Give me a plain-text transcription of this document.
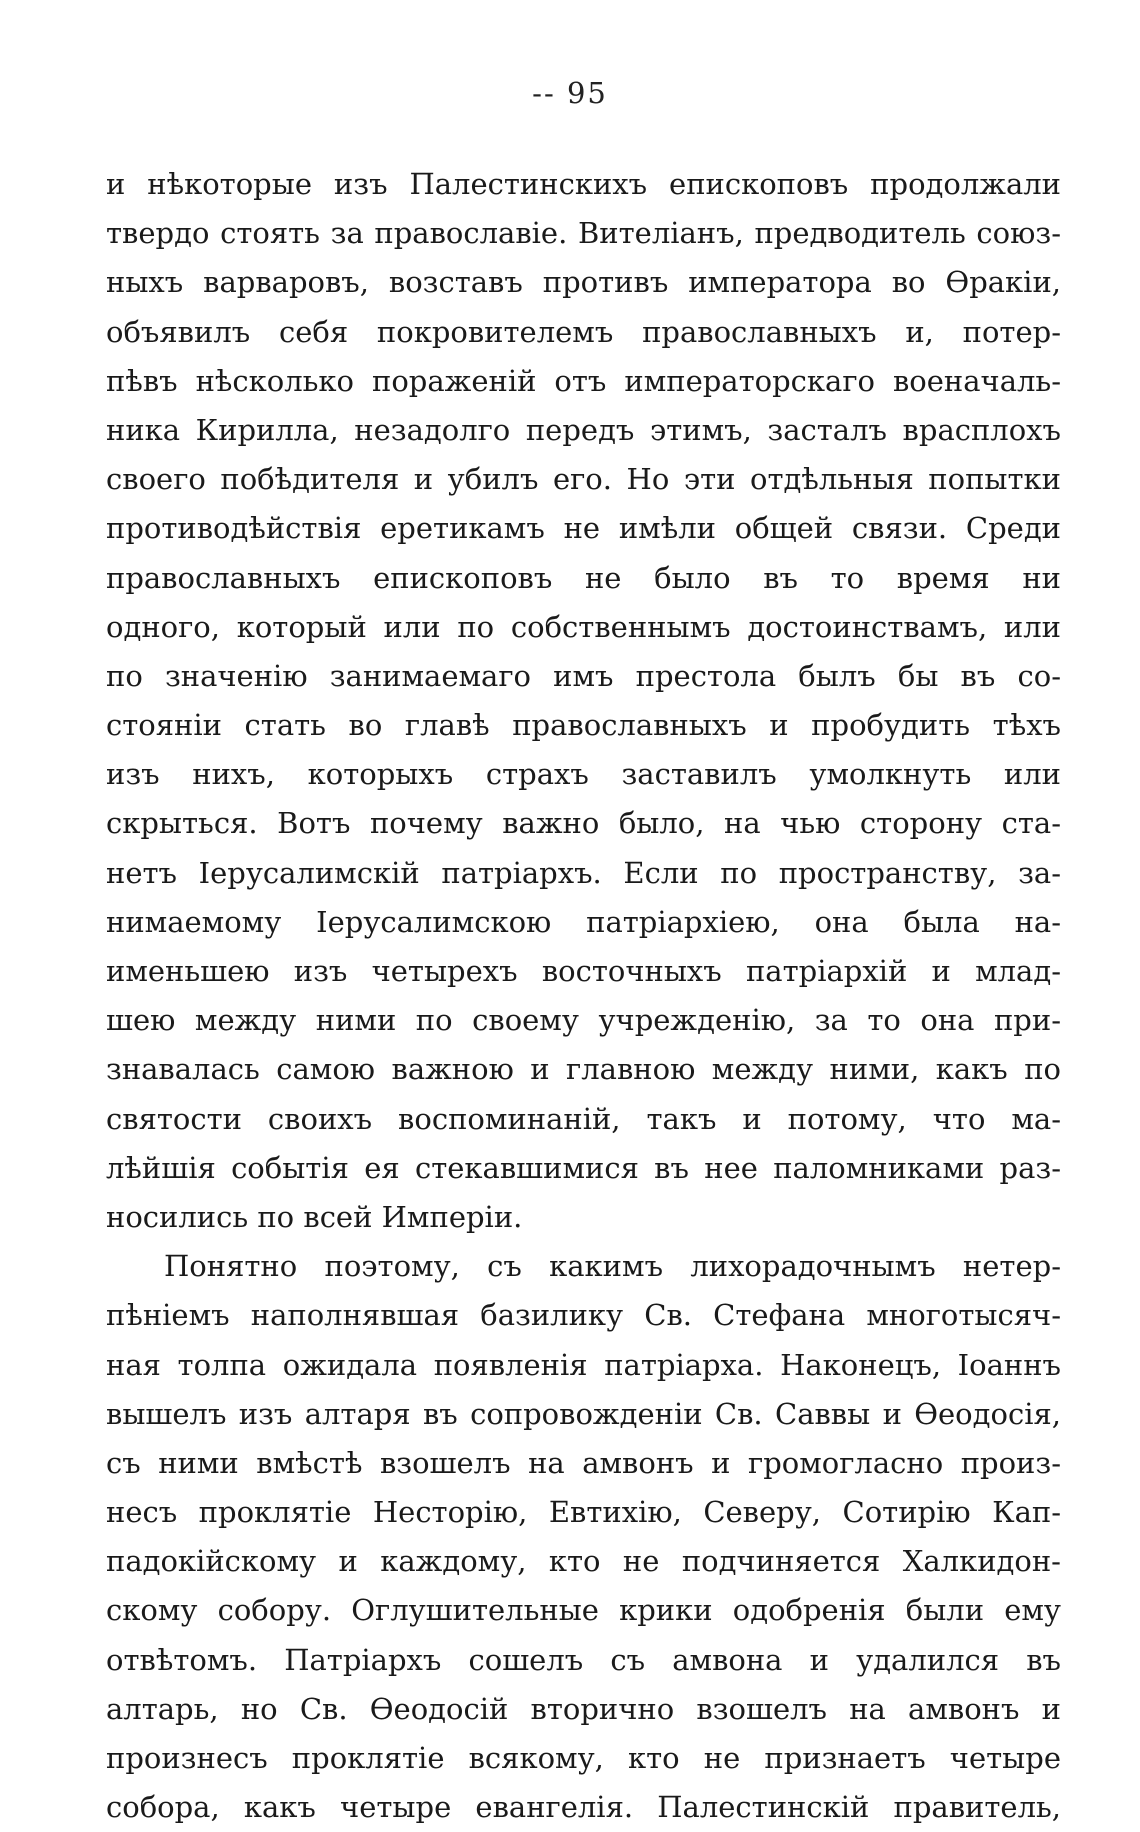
-- 95
и нѣкоторые изъ Палестинскихъ епископовъ продолжали
твердо стоять за православіе. Вителіанъ, предводитель союз-
ныхъ варваровъ, возставъ противъ императора во Ѳракіи,
объявилъ себя покровителемъ православныхъ и, потер-
пѣвъ нѣсколько пораженій отъ императорскаго военачаль-
ника Кирилла, незадолго передъ этимъ, засталъ врасплохъ
своего побѣдителя и убилъ его. Но эти отдѣльныя попытки
противодѣйствія еретикамъ не имѣли общей связи. Среди
православныхъ епископовъ не было въ то время ни
одного, который или по собственнымъ достоинствамъ, или
по значенію занимаемаго имъ престола былъ бы въ со-
стояніи стать во главѣ православныхъ и пробудить тѣхъ
изъ нихъ, которыхъ страхъ заставилъ умолкнуть или
скрыться. Вотъ почему важно было, на чью сторону ста-
нетъ Іерусалимскій патріархъ. Если по пространству, за-
нимаемому Іерусалимскою патріархіею, она была на-
именьшею изъ четырехъ восточныхъ патріархій и млад-
шею между ними по своему учрежденію, за то она при-
знавалась самою важною и главною между ними, какъ по
святости своихъ воспоминаній, такъ и потому, что ма-
лѣйшія событія ея стекавшимися въ нее паломниками раз-
носились по всей Имперіи.
Понятно поэтому, съ какимъ лихорадочнымъ нетер-
пѣніемъ наполнявшая базилику Св. Стефана многотысяч-
ная толпа ожидала появленія патріарха. Наконецъ, Іоаннъ
вышелъ изъ алтаря въ сопровожденіи Св. Саввы и Ѳеодосія,
съ ними вмѣстѣ взошелъ на амвонъ и громогласно произ-
несъ проклятіе Несторію, Евтихію, Северу, Сотирію Кап-
падокійскому и каждому, кто не подчиняется Халкидон-
скому собору. Оглушительные крики одобренія были ему
отвѣтомъ. Патріархъ сошелъ съ амвона и удалился въ
алтарь, но Св. Ѳеодосій вторично взошелъ на амвонъ и
произнесъ проклятіе всякому, кто не признаетъ четыре
собора, какъ четыре евангелія. Палестинскій правитель,
